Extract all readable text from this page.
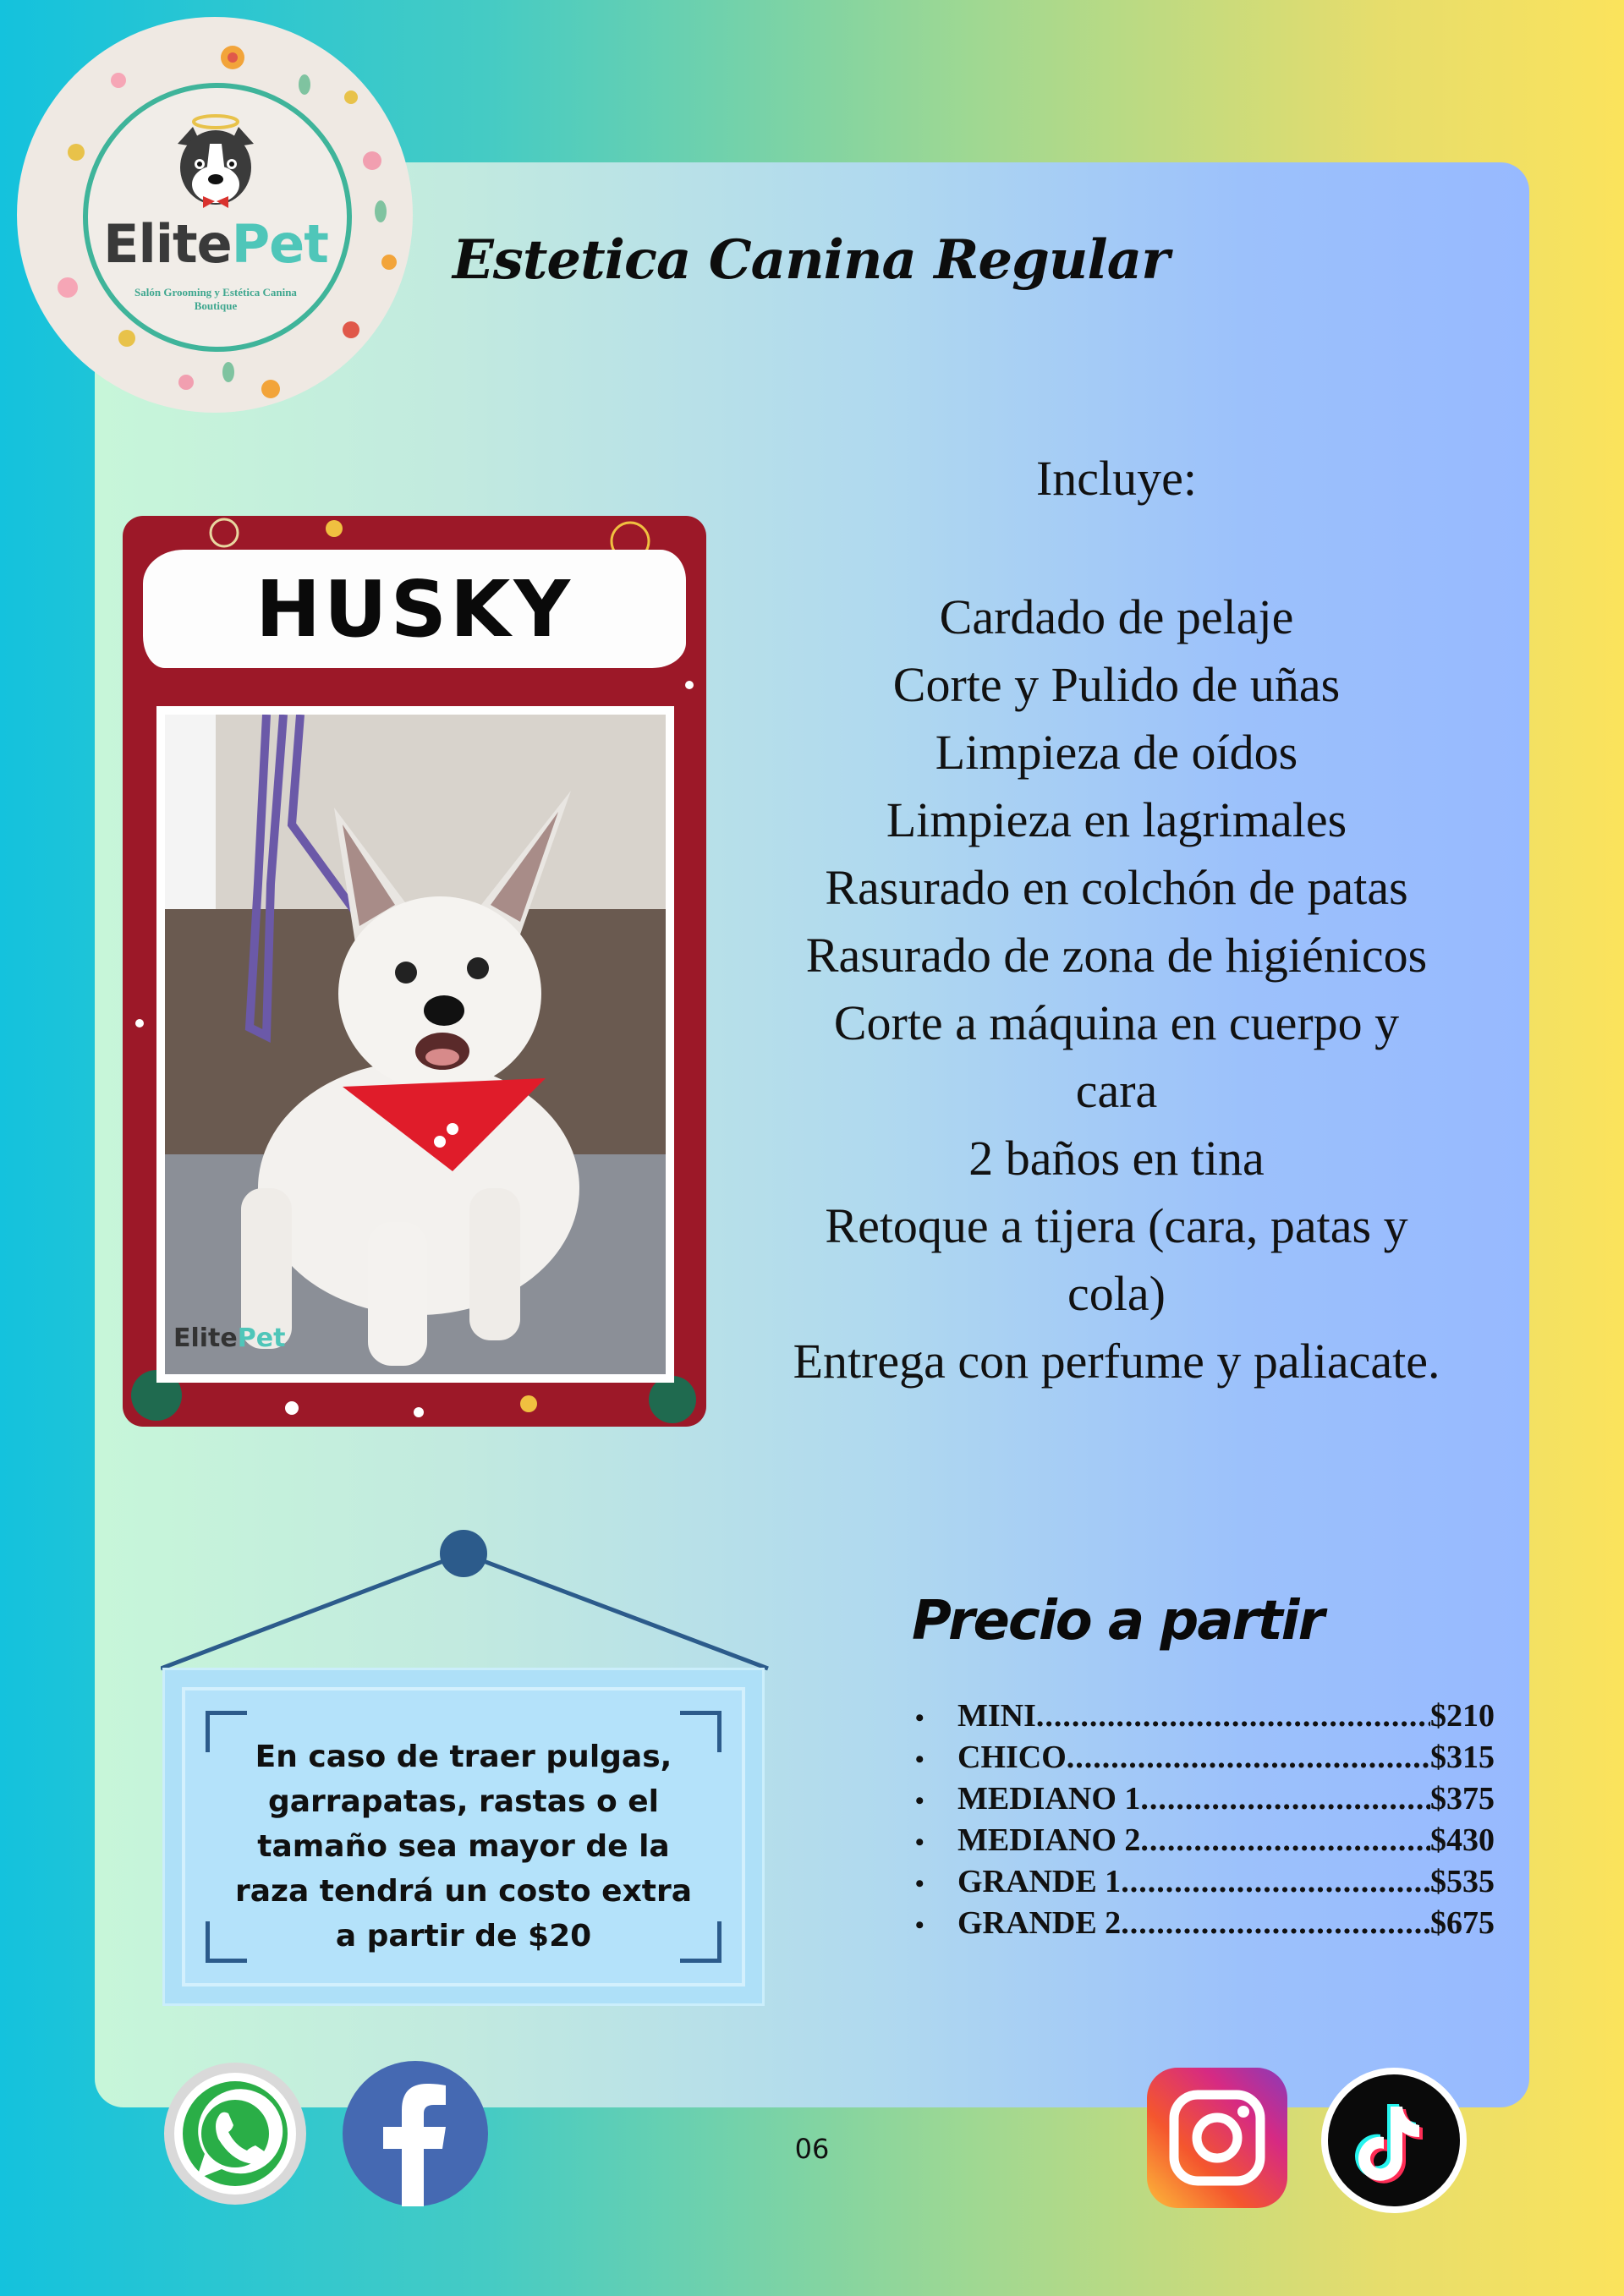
ElitePet
Salón Grooming y Estética Canina Boutique
Estetica Canina Regular
HUSKY
ElitePet
Incluye:
Cardado de pelaje
Corte y Pulido de uñas
Limpieza de oídos
Limpieza en lagrimales
Rasurado en colchón de patas
Rasurado de zona de higiénicos
Corte a máquina en cuerpo y
cara
2 baños en tina
Retoque a tijera (cara, patas y
cola)
Entrega con perfume y paliacate.
En caso de traer pulgas, garrapatas, rastas o el tamaño sea mayor de la raza tendrá un costo extra a partir de $20
Precio a partir
•	MINI .....	$210
•	CHICO .....	$315
•	MEDIANO 1 .....	$375
•	MEDIANO 2 .....	$430
•	GRANDE 1 .....	$535
•	GRANDE 2 .....	$675
06
